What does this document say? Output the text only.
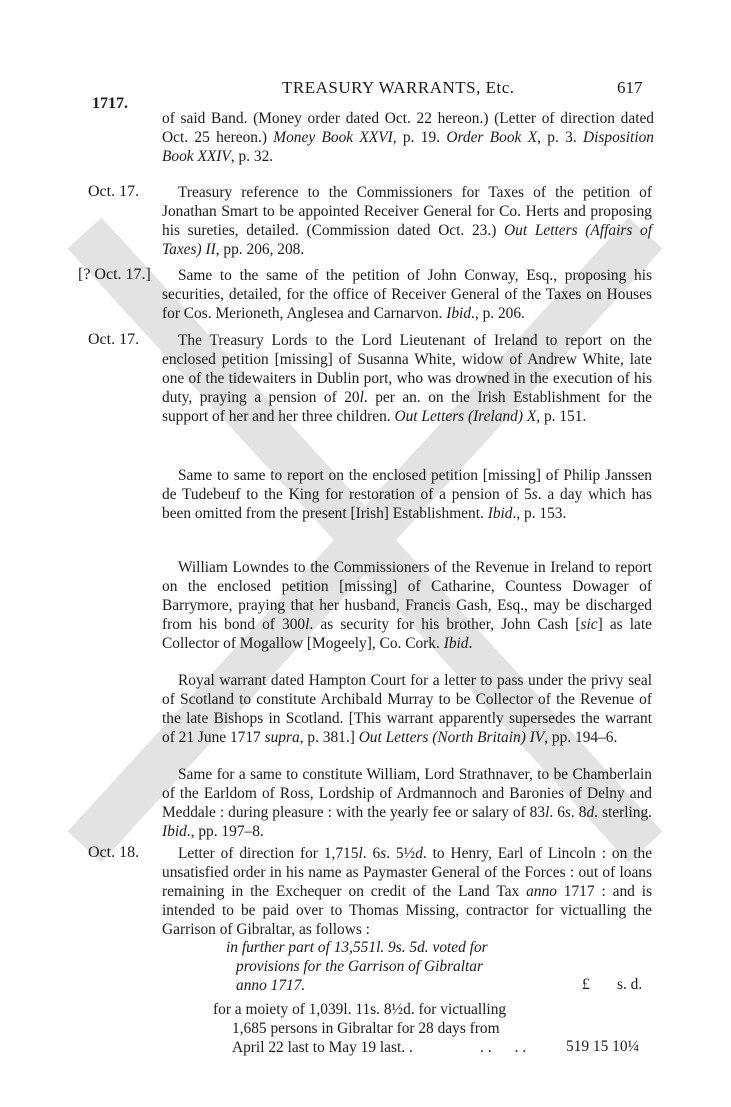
TREASURY WARRANTS, Etc.	617
1717.
of said Band. (Money order dated Oct. 22 hereon.) (Letter of direction dated Oct. 25 hereon.) Money Book XXVI, p. 19. Order Book X, p. 3. Disposition Book XXIV, p. 32.
Oct. 17.	Treasury reference to the Commissioners for Taxes of the petition of Jonathan Smart to be appointed Receiver General for Co. Herts and proposing his sureties, detailed. (Commission dated Oct. 23.) Out Letters (Affairs of Taxes) II, pp. 206, 208.
[? Oct. 17.]	Same to the same of the petition of John Conway, Esq., proposing his securities, detailed, for the office of Receiver General of the Taxes on Houses for Cos. Merioneth, Anglesea and Carnarvon. Ibid., p. 206.
Oct. 17.	The Treasury Lords to the Lord Lieutenant of Ireland to report on the enclosed petition [missing] of Susanna White, widow of Andrew White, late one of the tidewaiters in Dublin port, who was drowned in the execution of his duty, praying a pension of 20l. per an. on the Irish Establishment for the support of her and her three children. Out Letters (Ireland) X, p. 151.
Same to same to report on the enclosed petition [missing] of Philip Janssen de Tudebeuf to the King for restoration of a pension of 5s. a day which has been omitted from the present [Irish] Establishment. Ibid., p. 153.
William Lowndes to the Commissioners of the Revenue in Ireland to report on the enclosed petition [missing] of Catharine, Countess Dowager of Barrymore, praying that her husband, Francis Gash, Esq., may be discharged from his bond of 300l. as security for his brother, John Cash [sic] as late Collector of Mogallow [Mogeely], Co. Cork. Ibid.
Royal warrant dated Hampton Court for a letter to pass under the privy seal of Scotland to constitute Archibald Murray to be Collector of the Revenue of the late Bishops in Scotland. [This warrant apparently supersedes the warrant of 21 June 1717 supra, p. 381.] Out Letters (North Britain) IV, pp. 194–6.
Same for a same to constitute William, Lord Strathnaver, to be Chamberlain of the Earldom of Ross, Lordship of Ardmannoch and Baronies of Delny and Meddale : during pleasure : with the yearly fee or salary of 83l. 6s. 8d. sterling. Ibid., pp. 197–8.
Oct. 18.	Letter of direction for 1,715l. 6s. 5½d. to Henry, Earl of Lincoln : on the unsatisfied order in his name as Paymaster General of the Forces : out of loans remaining in the Exchequer on credit of the Land Tax anno 1717 : and is intended to be paid over to Thomas Missing, contractor for victualling the Garrison of Gibraltar, as follows :
in further part of 13,551l. 9s. 5d. voted for
provisions for the Garrison of Gibraltar
anno 1717.	£ s. d.
for a moiety of 1,039l. 11s. 8½d. for victualling
1,685 persons in Gibraltar for 28 days from
April 22 last to May 19 last. .	. .      . .	519 15 10¼
